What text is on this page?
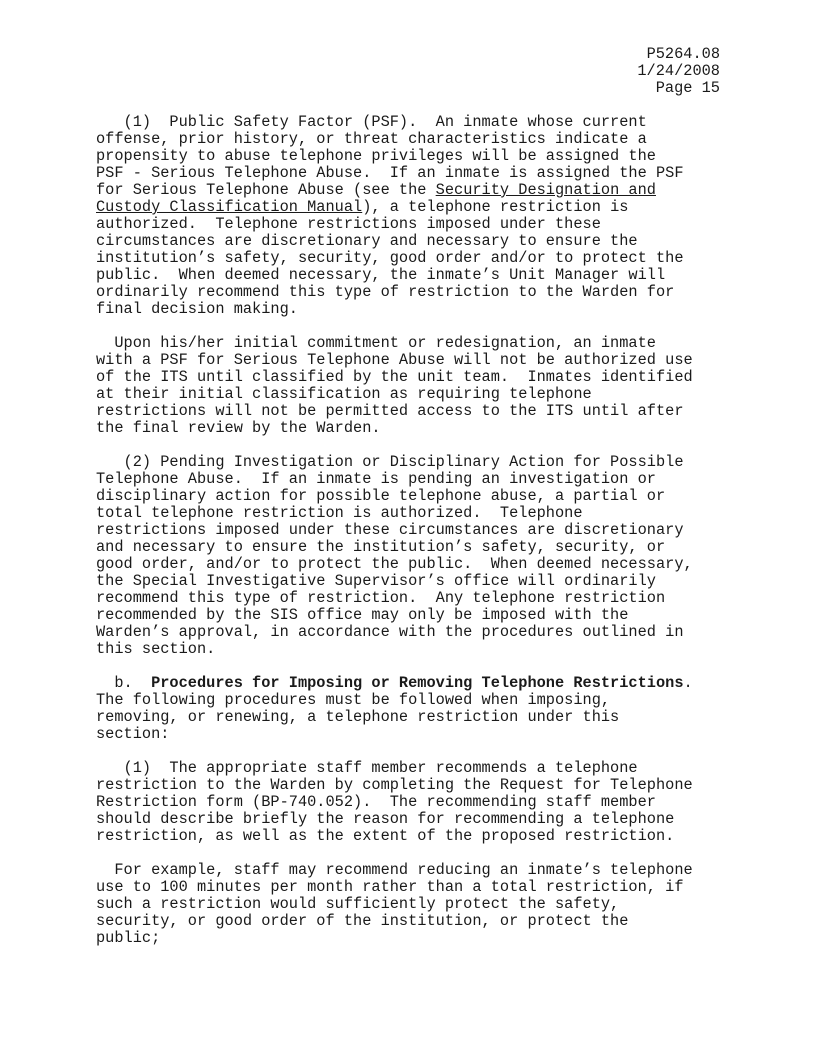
P5264.08
1/24/2008
Page 15
(1)  Public Safety Factor (PSF).  An inmate whose current
offense, prior history, or threat characteristics indicate a
propensity to abuse telephone privileges will be assigned the
PSF - Serious Telephone Abuse.  If an inmate is assigned the PSF
for Serious Telephone Abuse (see the Security Designation and
Custody Classification Manual), a telephone restriction is
authorized.  Telephone restrictions imposed under these
circumstances are discretionary and necessary to ensure the
institution’s safety, security, good order and/or to protect the
public.  When deemed necessary, the inmate’s Unit Manager will
ordinarily recommend this type of restriction to the Warden for
final decision making.
Upon his/her initial commitment or redesignation, an inmate
with a PSF for Serious Telephone Abuse will not be authorized use
of the ITS until classified by the unit team.  Inmates identified
at their initial classification as requiring telephone
restrictions will not be permitted access to the ITS until after
the final review by the Warden.
(2) Pending Investigation or Disciplinary Action for Possible
Telephone Abuse.  If an inmate is pending an investigation or
disciplinary action for possible telephone abuse, a partial or
total telephone restriction is authorized.  Telephone
restrictions imposed under these circumstances are discretionary
and necessary to ensure the institution’s safety, security, or
good order, and/or to protect the public.  When deemed necessary,
the Special Investigative Supervisor’s office will ordinarily
recommend this type of restriction.  Any telephone restriction
recommended by the SIS office may only be imposed with the
Warden’s approval, in accordance with the procedures outlined in
this section.
b.  Procedures for Imposing or Removing Telephone Restrictions.
The following procedures must be followed when imposing,
removing, or renewing, a telephone restriction under this
section:
(1)  The appropriate staff member recommends a telephone
restriction to the Warden by completing the Request for Telephone
Restriction form (BP-740.052).  The recommending staff member
should describe briefly the reason for recommending a telephone
restriction, as well as the extent of the proposed restriction.
For example, staff may recommend reducing an inmate’s telephone
use to 100 minutes per month rather than a total restriction, if
such a restriction would sufficiently protect the safety,
security, or good order of the institution, or protect the
public;
